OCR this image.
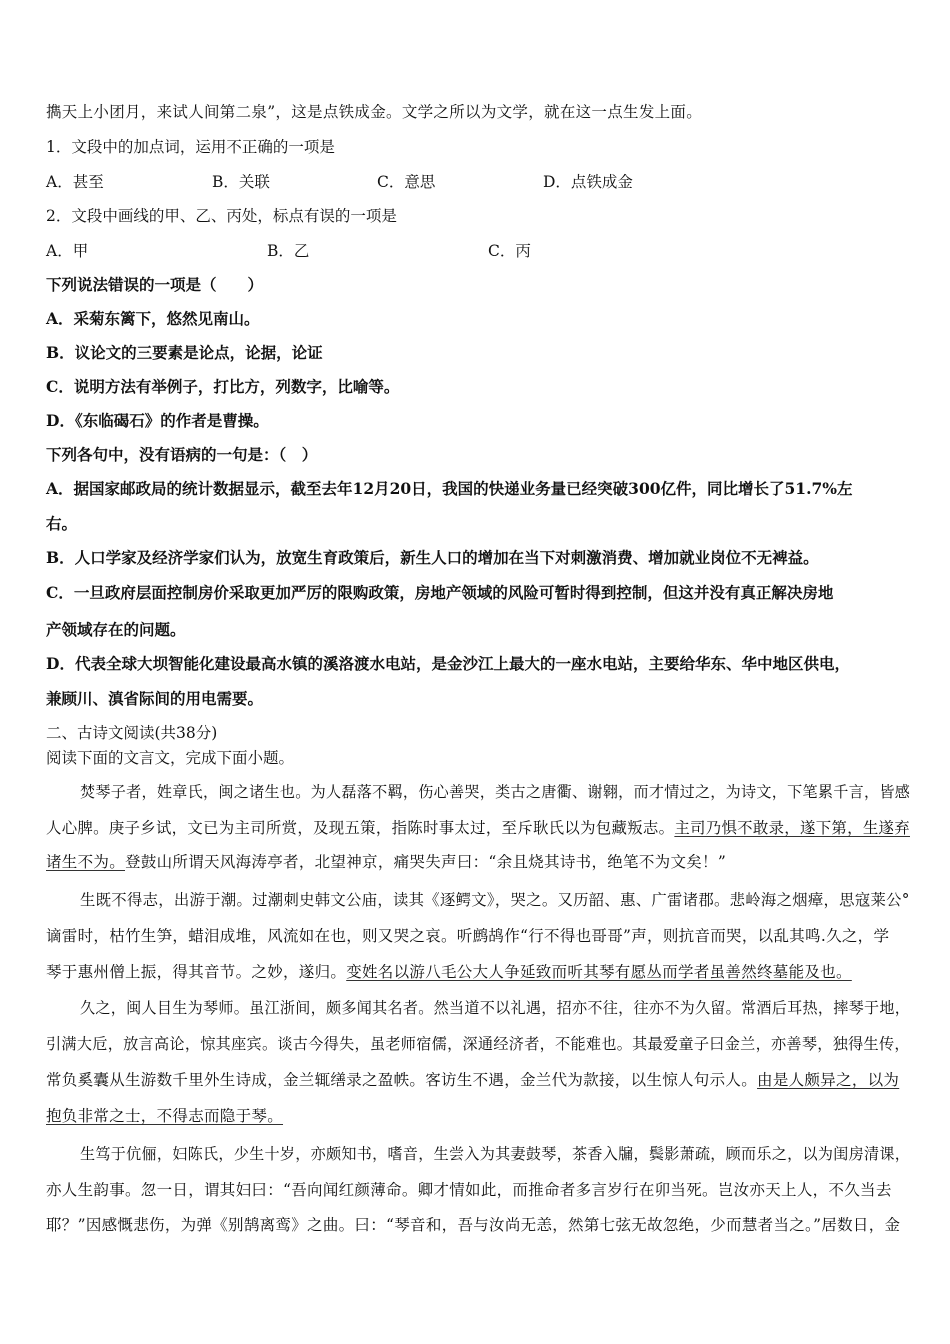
擕天上小团月，来试人间第二泉”，这是点铁成金。文学之所以为文学，就在这一点生发上面。
1．文段中的加点词，运用不正确的一项是
A．甚至	B．关联	C．意思	D．点铁成金
2．文段中画线的甲、乙、丙处，标点有误的一项是
A．甲	B．乙	C．丙
下列说法错误的一项是（　　）
A．采菊东篱下，悠然见南山。
B．议论文的三要素是论点，论据，论证
C．说明方法有举例子，打比方，列数字，比喻等。
D．《东临碣石》的作者是曹操。
下列各句中，没有语病的一句是：（　）
A．据国家邮政局的统计数据显示，截至去年12月20日，我国的快递业务量已经突破300亿件，同比增长了51.7%左
右。
B．人口学家及经济学家们认为，放宽生育政策后，新生人口的增加在当下对刺激消费、增加就业岗位不无裨益。
C．一旦政府层面控制房价采取更加严厉的限购政策，房地产领域的风险可暂时得到控制，但这并没有真正解决房地
产领域存在的问题。
D．代表全球大坝智能化建设最高水镇的溪洛渡水电站，是金沙江上最大的一座水电站，主要给华东、华中地区供电，
兼顾川、滇省际间的用电需要。
二、古诗文阅读(共38分)
阅读下面的文言文，完成下面小题。
焚琴子者，姓章氏，闽之诸生也。为人磊落不羁，伤心善哭，类古之唐衢、谢翱，而才情过之，为诗文，下笔累千言，皆感
人心脾。庚子乡试，文已为主司所赏，及现五策，指陈时事太过，至斥耿氏以为包藏叛志。主司乃惧不敢录，遂下第，生遂弃
诸生不为。登鼓山所谓天风海涛亭者，北望神京，痛哭失声曰：“余且烧其诗书，绝笔不为文矣！”
生既不得志，出游于潮。过潮刺史韩文公庙，读其《逐鳄文》，哭之。又历韶、惠、广雷诸郡。悲岭海之烟瘴，思寇莱公°
谪雷时，枯竹生笋，蜡泪成堆，风流如在也，则又哭之哀。听鹧鸪作“行不得也哥哥”声，则抗音而哭，以乱其鸣.久之，学
琴于惠州僧上振，得其音节。之妙，遂归。变姓名以游八毛公大人争延致而听其琴有愿丛而学者虽善然终墓能及也。
久之，闽人目生为琴师。虽江浙间，颇多闻其名者。然当道不以礼遇，招亦不往，往亦不为久留。常酒后耳热，摔琴于地，
引满大卮，放言高论，惊其座宾。谈古今得失，虽老师宿儒，深通经济者，不能难也。其最爱童子曰金兰，亦善琴，独得生传，
常负奚囊从生游数千里外生诗成，金兰辄缮录之盈帙。客访生不遇，金兰代为款接，以生惊人句示人。由是人颇异之，以为
抱负非常之士，不得志而隐于琴。
生笃于伉俪，妇陈氏，少生十岁，亦颇知书，嗜音，生尝入为其妻鼓琴，茶香入牖，鬓影萧疏，顾而乐之，以为闺房清课，
亦人生韵事。忽一日，谓其妇曰：“吾向闻红颜薄命。卿才情如此，而推命者多言岁行在卯当死。岂汝亦天上人，不久当去
耶？”因感慨悲伤，为弹《别鹄离鸾》之曲。曰：“琴音和，吾与汝尚无恙，然第七弦无故忽绝，少而慧者当之。”居数日，金
